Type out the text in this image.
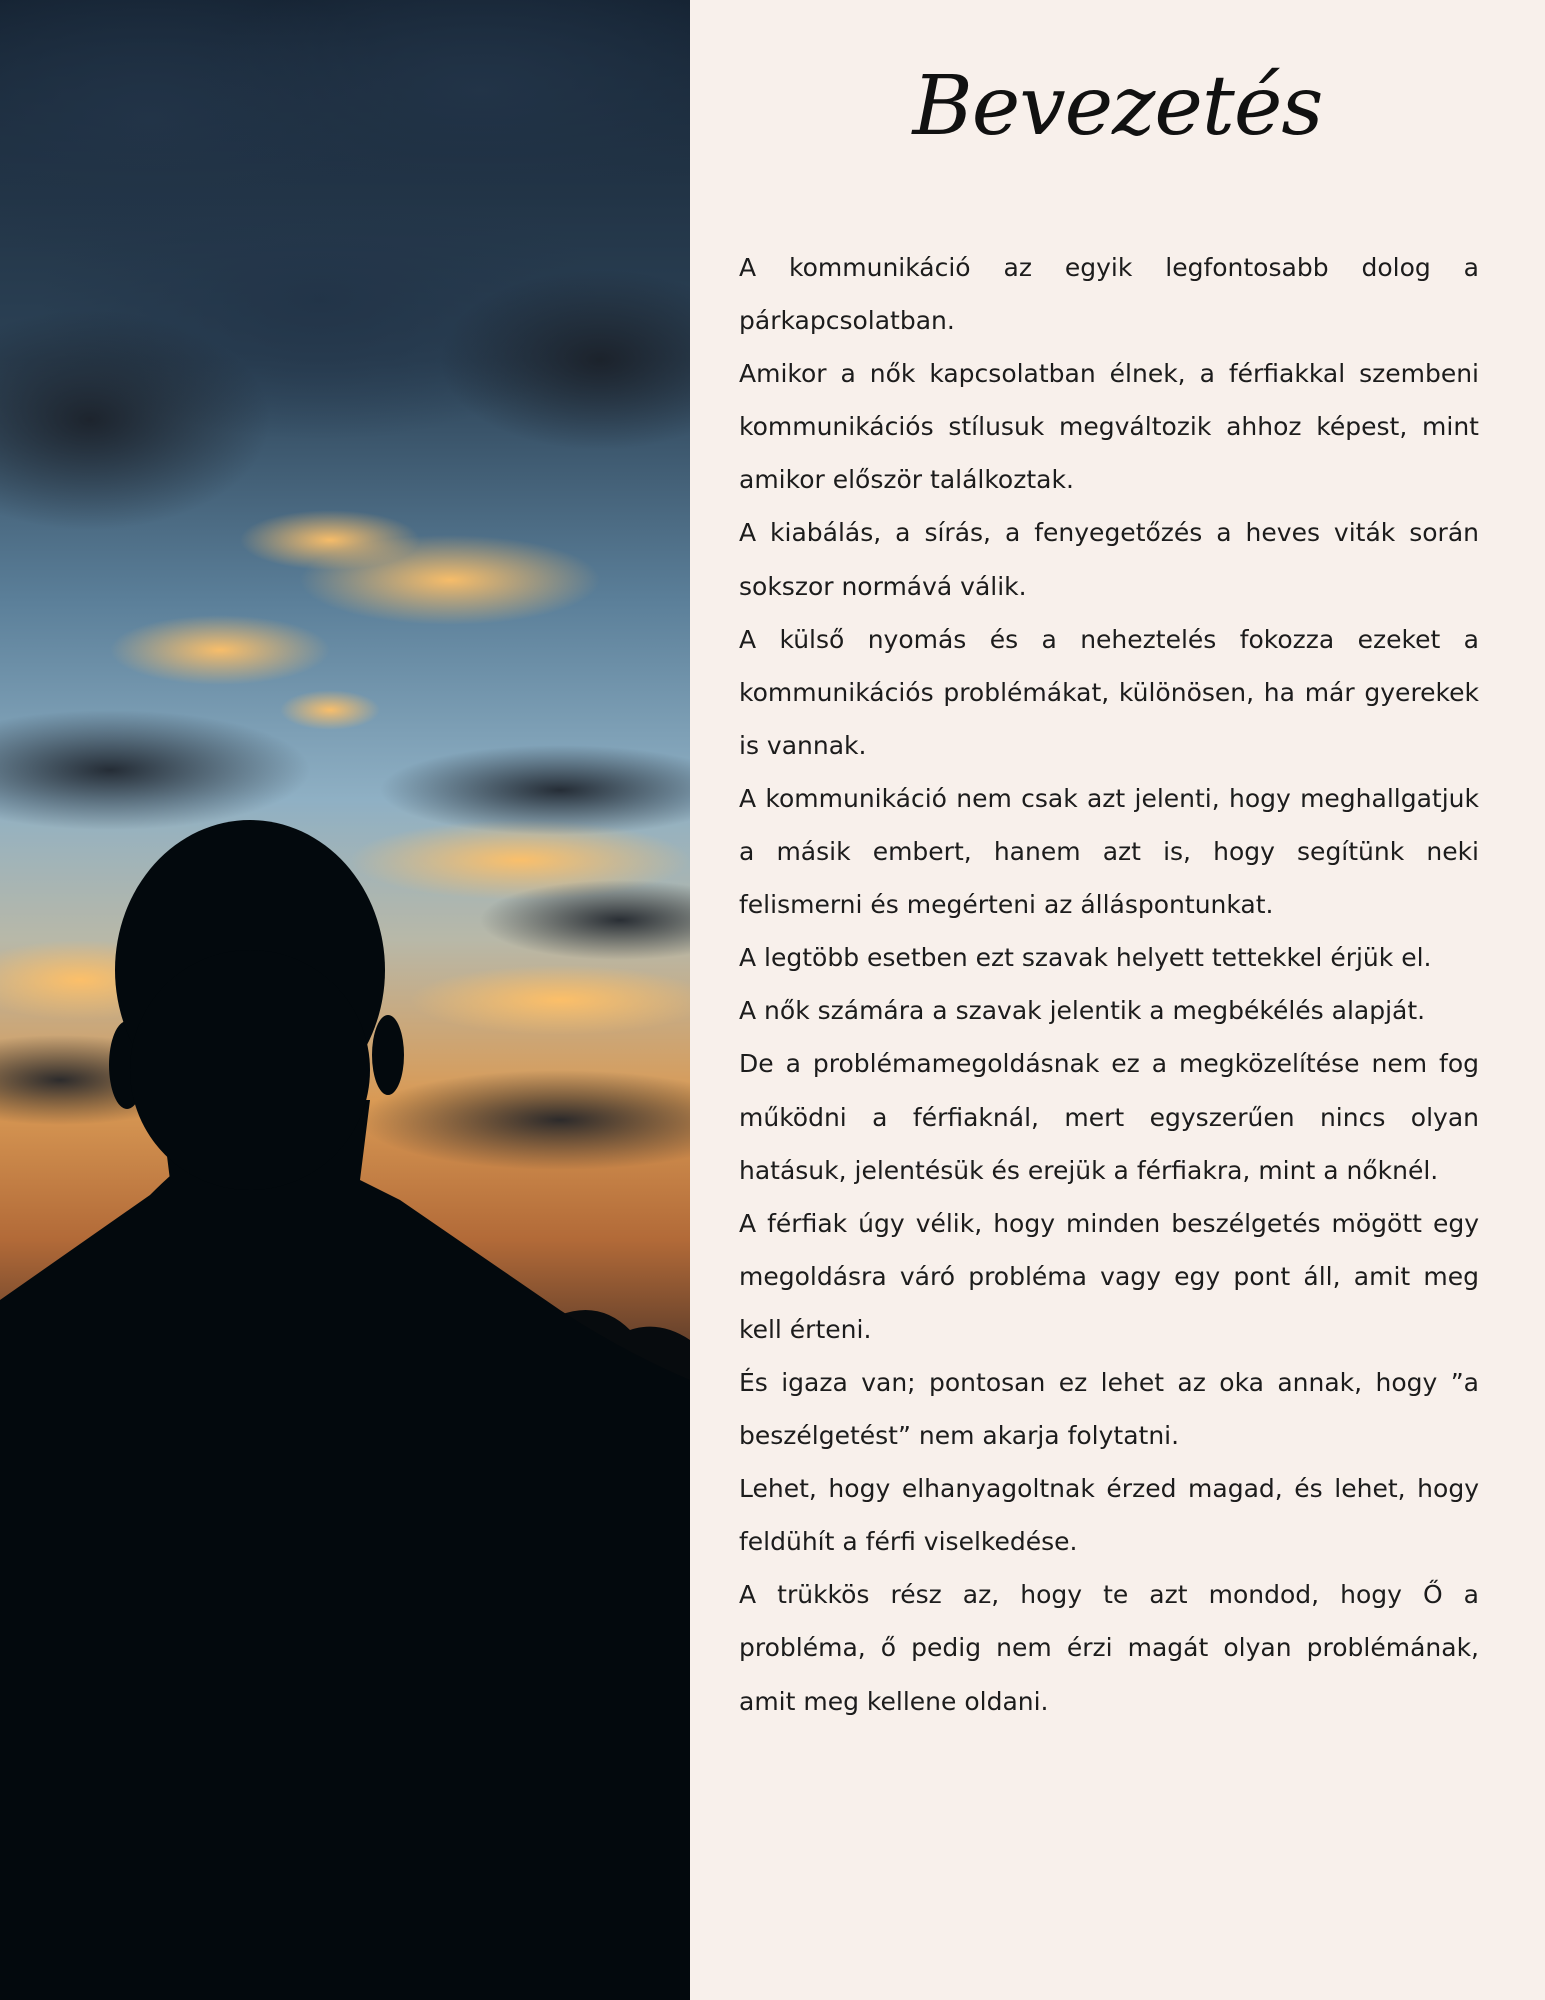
Bevezetés

A kommunikáció az egyik legfontosabb dolog a párkapcsolatban.

Amikor a nők kapcsolatban élnek, a férfiakkal szembeni kommunikációs stílusuk megváltozik ahhoz képest, mint amikor először találkoztak.

A kiabálás, a sírás, a fenyegetőzés a heves viták során sokszor normává válik.

A külső nyomás és a neheztelés fokozza ezeket a kommunikációs problémákat, különösen, ha már gyerekek is vannak.

A kommunikáció nem csak azt jelenti, hogy meghallgatjuk a másik embert, hanem azt is, hogy segítünk neki felismerni és megérteni az álláspontunkat.

A legtöbb esetben ezt szavak helyett tettekkel érjük el.

A nők számára a szavak jelentik a megbékélés alapját.

De a problémamegoldásnak ez a megközelítése nem fog működni a férfiaknál, mert egyszerűen nincs olyan hatásuk, jelentésük és erejük a férfiakra, mint a nőknél.

A férfiak úgy vélik, hogy minden beszélgetés mögött egy megoldásra váró probléma vagy egy pont áll, amit meg kell érteni.

És igaza van; pontosan ez lehet az oka annak, hogy ”a beszélgetést” nem akarja folytatni.

Lehet, hogy elhanyagoltnak érzed magad, és lehet, hogy feldühít a férfi viselkedése.

A trükkös rész az, hogy te azt mondod, hogy Ő a probléma, ő pedig nem érzi magát olyan problémának, amit meg kellene oldani.
